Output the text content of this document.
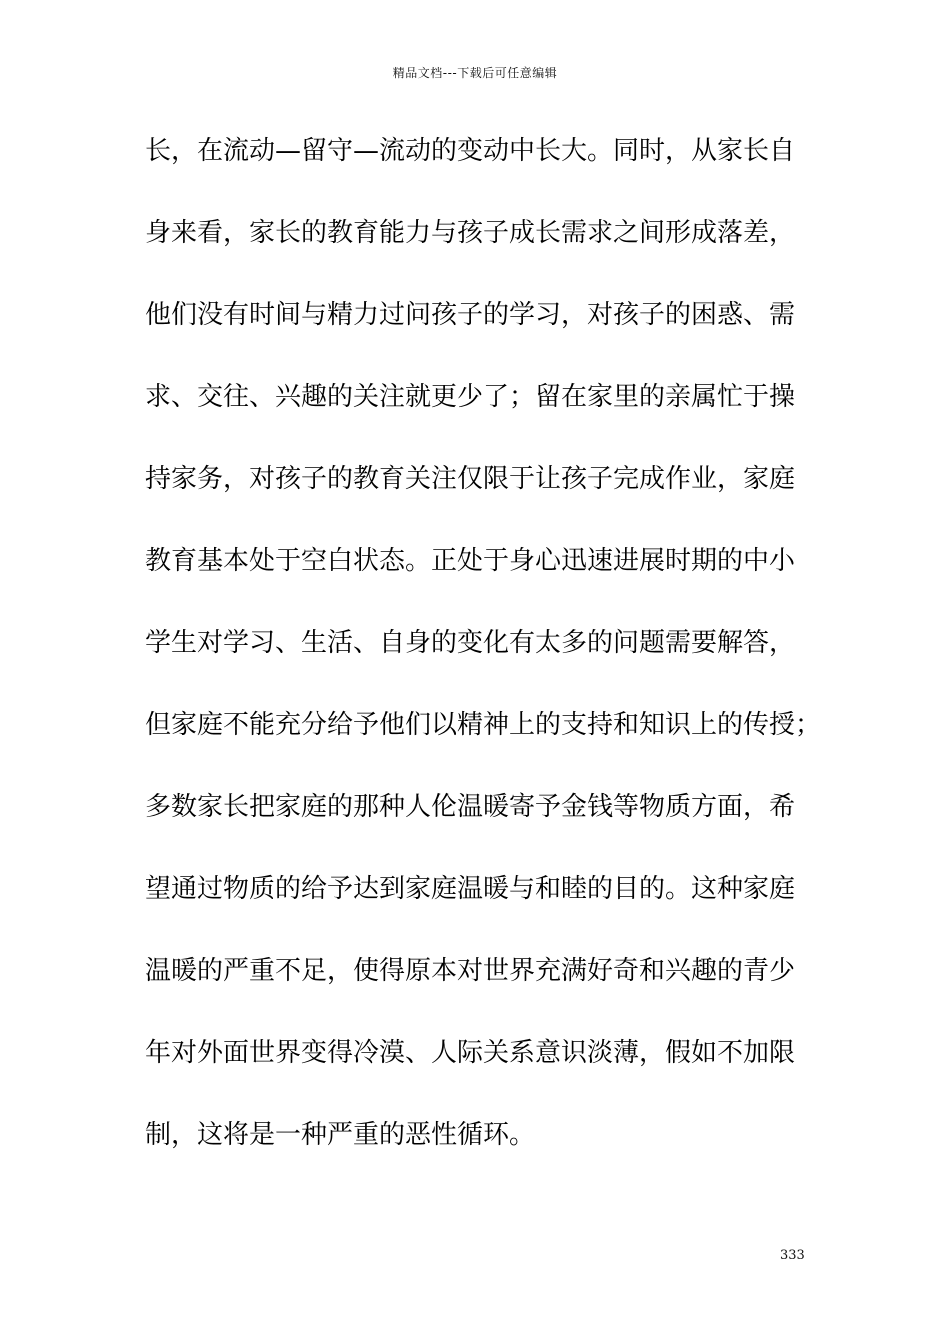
精品文档---下载后可任意编辑
长，在流动—留守—流动的变动中长大。同时，从家长自
身来看，家长的教育能力与孩子成长需求之间形成落差，
他们没有时间与精力过问孩子的学习，对孩子的困惑、需
求、交往、兴趣的关注就更少了；留在家里的亲属忙于操
持家务，对孩子的教育关注仅限于让孩子完成作业，家庭
教育基本处于空白状态。正处于身心迅速进展时期的中小
学生对学习、生活、自身的变化有太多的问题需要解答，
但家庭不能充分给予他们以精神上的支持和知识上的传授；
多数家长把家庭的那种人伦温暖寄予金钱等物质方面，希
望通过物质的给予达到家庭温暖与和睦的目的。这种家庭
温暖的严重不足，使得原本对世界充满好奇和兴趣的青少
年对外面世界变得冷漠、人际关系意识淡薄，假如不加限
制，这将是一种严重的恶性循环。
333
